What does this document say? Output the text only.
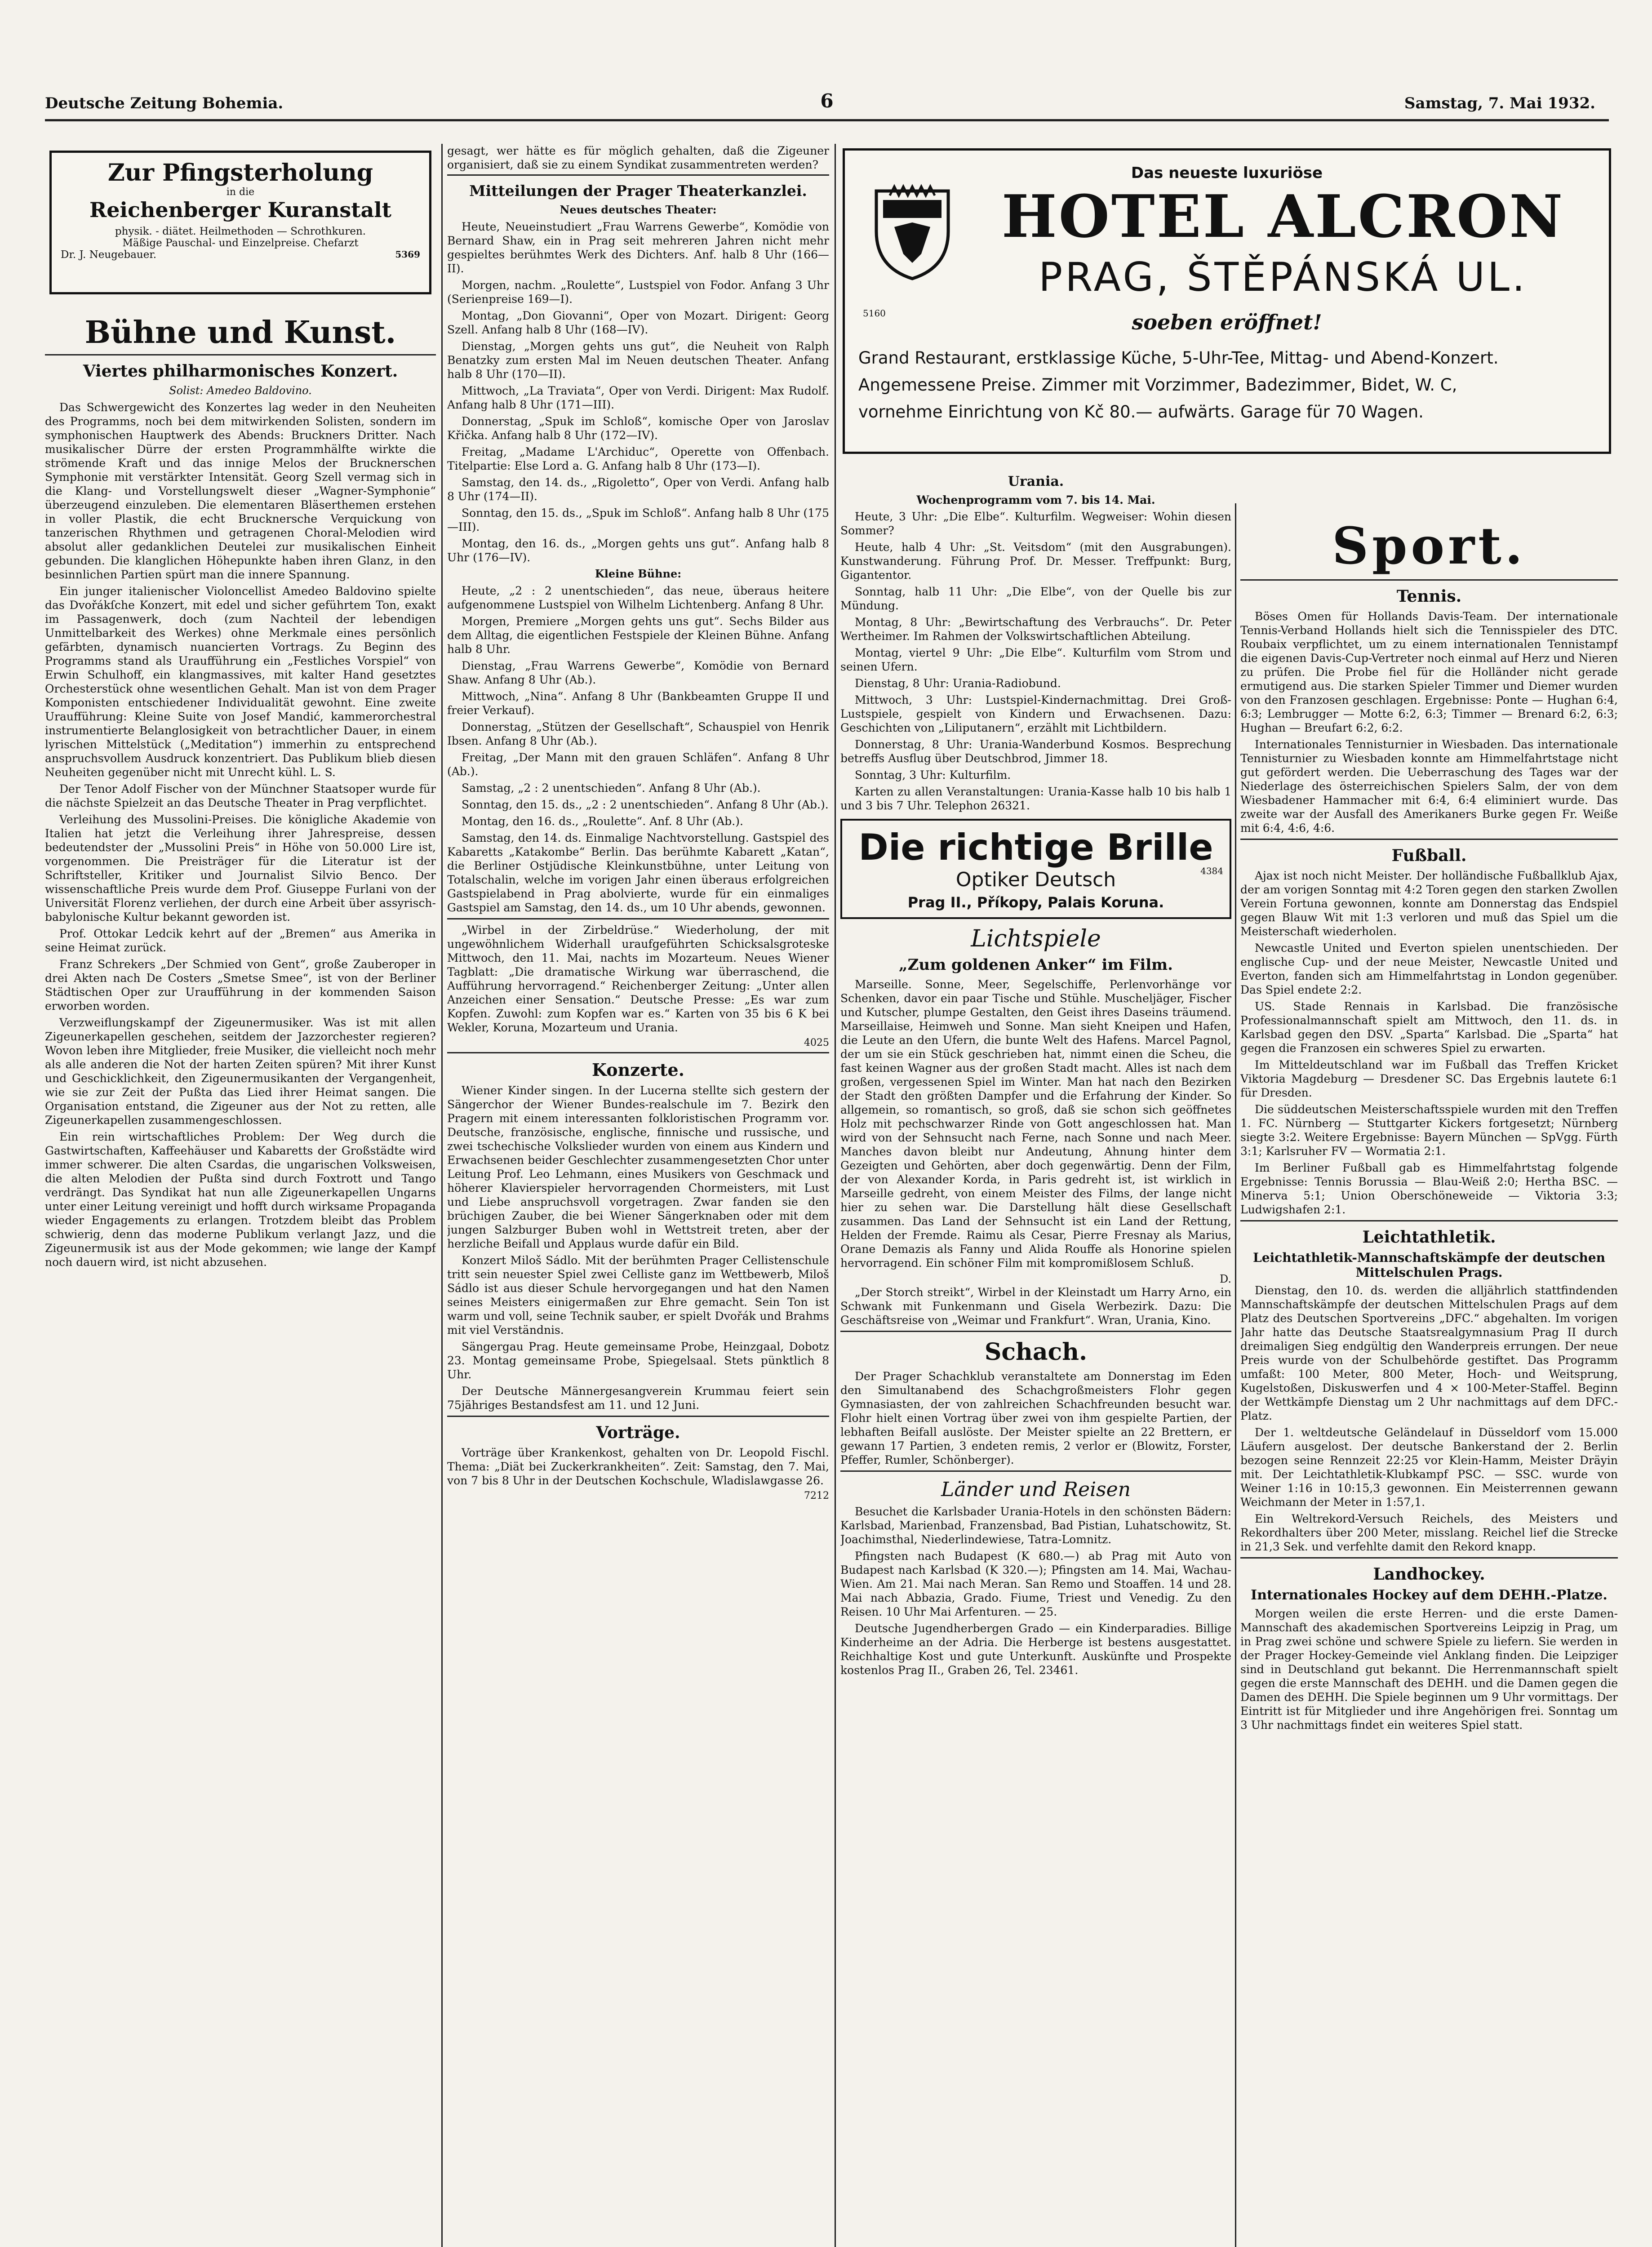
Deutsche Zeitung Bohemia.	6	Samstag, 7. Mai 1932.
Zur Pfingsterholung
in die
Reichenberger Kuranstalt
physik. - diätet. Heilmethoden — Schrothkuren.
Mäßige Pauschal- und Einzelpreise. Chefarzt
Dr. J. Neugebauer.	5369
Bühne und Kunst.
Viertes philharmonisches Konzert.
Solist: Amedeo Baldovino.

Das Schwergewicht des Konzertes lag weder in den Neuheiten des Programms, noch bei dem mitwirkenden Solisten, sondern im symphonischen Hauptwerk des Abends: Bruckners Dritter. Nach musikalischer Dürre der ersten Programmhälfte wirkte die strömende Kraft und das innige Melos der Brucknerschen Symphonie mit verstärkter Intensität. Georg Szell vermag sich in die Klang- und Vorstellungswelt dieser „Wagner-Symphonie“ überzeugend einzuleben. Die elementaren Bläserthemen erstehen in voller Plastik, die echt Brucknersche Verquickung von tanzerischen Rhythmen und getragenen Choral-Melodien wird absolut aller gedanklichen Deutelei zur musikalischen Einheit gebunden. Die klanglichen Höhepunkte haben ihren Glanz, in den besinnlichen Partien spürt man die innere Spannung.

Ein junger italienischer Violoncellist Amedeo Baldovino spielte das Dvořákſche Konzert, mit edel und sicher geführtem Ton, exakt im Passagenwerk, doch (zum Nachteil der lebendigen Unmittelbarkeit des Werkes) ohne Merkmale eines persönlich gefärbten, dynamisch nuancierten Vortrags. Zu Beginn des Programms stand als Uraufführung ein „Festliches Vorspiel“ von Erwin Schulhoff, ein klangmassives, mit kalter Hand gesetztes Orchesterstück ohne wesentlichen Gehalt. Man ist von dem Prager Komponisten entschiedener Individualität gewohnt. Eine zweite Uraufführung: Kleine Suite von Josef Mandić, kammerorchestral instrumentierte Belanglosigkeit von betrachtlicher Dauer, in einem lyrischen Mittelstück („Meditation“) immerhin zu entsprechend anspruchsvollem Ausdruck konzentriert. Das Publikum blieb diesen Neuheiten gegenüber nicht mit Unrecht kühl. L. S.

Der Tenor Adolf Fischer von der Münchner Staatsoper wurde für die nächste Spielzeit an das Deutsche Theater in Prag verpflichtet.

Verleihung des Mussolini-Preises. Die königliche Akademie von Italien hat jetzt die Verleihung ihrer Jahrespreise, dessen bedeutendster der „Mussolini Preis“ in Höhe von 50.000 Lire ist, vorgenommen. Die Preisträger für die Literatur ist der Schriftsteller, Kritiker und Journalist Silvio Benco. Der wissenschaftliche Preis wurde dem Prof. Giuseppe Furlani von der Universität Florenz verliehen, der durch eine Arbeit über assyrisch-babylonische Kultur bekannt geworden ist.

Prof. Ottokar Ledcik kehrt auf der „Bremen“ aus Amerika in seine Heimat zurück.

Franz Schrekers „Der Schmied von Gent“, große Zauberoper in drei Akten nach De Costers „Smetse Smee“, ist von der Berliner Städtischen Oper zur Uraufführung in der kommenden Saison erworben worden.

Verzweiflungskampf der Zigeunermusiker. Was ist mit allen Zigeunerkapellen geschehen, seitdem der Jazzorchester regieren? Wovon leben ihre Mitglieder, freie Musiker, die vielleicht noch mehr als alle anderen die Not der harten Zeiten spüren? Mit ihrer Kunst und Geschicklichkeit, den Zigeunermusikanten der Vergangenheit, wie sie zur Zeit der Pußta das Lied ihrer Heimat sangen. Die Organisation entstand, die Zigeuner aus der Not zu retten, alle Zigeunerkapellen zusammengeschlossen.

Ein rein wirtschaftliches Problem: Der Weg durch die Gastwirtschaften, Kaffeehäuser und Kabaretts der Großstädte wird immer schwerer. Die alten Csardas, die ungarischen Volksweisen, die alten Melodien der Pußta sind durch Foxtrott und Tango verdrängt. Das Syndikat hat nun alle Zigeunerkapellen Ungarns unter einer Leitung vereinigt und hofft durch wirksame Propaganda wieder Engagements zu erlangen. Trotzdem bleibt das Problem schwierig, denn das moderne Publikum verlangt Jazz, und die Zigeunermusik ist aus der Mode gekommen; wie lange der Kampf noch dauern wird, ist nicht abzusehen.

gesagt, wer hätte es für möglich gehalten, daß die Zigeuner organisiert, daß sie zu einem Syndikat zusammentreten werden?

Mitteilungen der Prager Theaterkanzlei.
Neues deutsches Theater:

Heute, Neueinstudiert „Frau Warrens Gewerbe“, Komödie von Bernard Shaw, ein in Prag seit mehreren Jahren nicht mehr gespieltes berühmtes Werk des Dichters. Anf. halb 8 Uhr (166—II).

Morgen, nachm. „Roulette“, Lustspiel von Fodor. Anfang 3 Uhr (Serienpreise 169—I).

Montag, „Don Giovanni“, Oper von Mozart. Dirigent: Georg Szell. Anfang halb 8 Uhr (168—IV).

Dienstag, „Morgen gehts uns gut“, die Neuheit von Ralph Benatzky zum ersten Mal im Neuen deutschen Theater. Anfang halb 8 Uhr (170—II).

Mittwoch, „La Traviata“, Oper von Verdi. Dirigent: Max Rudolf. Anfang halb 8 Uhr (171—III).

Donnerstag, „Spuk im Schloß“, komische Oper von Jaroslav Křička. Anfang halb 8 Uhr (172—IV).

Freitag, „Madame L'Archiduc“, Operette von Offenbach. Titelpartie: Else Lord a. G. Anfang halb 8 Uhr (173—I).

Samstag, den 14. ds., „Rigoletto“, Oper von Verdi. Anfang halb 8 Uhr (174—II).

Sonntag, den 15. ds., „Spuk im Schloß“. Anfang halb 8 Uhr (175—III).

Montag, den 16. ds., „Morgen gehts uns gut“. Anfang halb 8 Uhr (176—IV).

Kleine Bühne:

Heute, „2 : 2 unentschieden“, das neue, überaus heitere aufgenommene Lustspiel von Wilhelm Lichtenberg. Anfang 8 Uhr.

Morgen, Premiere „Morgen gehts uns gut“. Sechs Bilder aus dem Alltag, die eigentlichen Festspiele der Kleinen Bühne. Anfang halb 8 Uhr.

Dienstag, „Frau Warrens Gewerbe“, Komödie von Bernard Shaw. Anfang 8 Uhr (Ab.).

Mittwoch, „Nina“. Anfang 8 Uhr (Bankbeamten Gruppe II und freier Verkauf).

Donnerstag, „Stützen der Gesellschaft“, Schauspiel von Henrik Ibsen. Anfang 8 Uhr (Ab.).

Freitag, „Der Mann mit den grauen Schläfen“. Anfang 8 Uhr (Ab.).

Samstag, „2 : 2 unentschieden“. Anfang 8 Uhr (Ab.).

Sonntag, den 15. ds., „2 : 2 unentschieden“. Anfang 8 Uhr (Ab.).

Montag, den 16. ds., „Roulette“. Anf. 8 Uhr (Ab.).

Samstag, den 14. ds. Einmalige Nachtvorstellung. Gastspiel des Kabaretts „Katakombe“ Berlin. Das berühmte Kabarett „Katan“, die Berliner Ostjüdische Kleinkunstbühne, unter Leitung von Totalschalin, welche im vorigen Jahr einen überaus erfolgreichen Gastspielabend in Prag abolvierte, wurde für ein einmaliges Gastspiel am Samstag, den 14. ds., um 10 Uhr abends, gewonnen.

„Wirbel in der Zirbeldrüse.“ Wiederholung, der mit ungewöhnlichem Widerhall uraufgeführten Schicksalsgroteske Mittwoch, den 11. Mai, nachts im Mozarteum. Neues Wiener Tagblatt: „Die dramatische Wirkung war überraschend, die Aufführung hervorragend.“ Reichenberger Zeitung: „Unter allen Anzeichen einer Sensation.“ Deutsche Presse: „Es war zum Kopfen. Zuwohl: zum Kopfen war es.“ Karten von 35 bis 6 K bei Wekler, Koruna, Mozarteum und Urania.

4025
Konzerte.

Wiener Kinder singen. In der Lucerna stellte sich gestern der Sängerchor der Wiener Bundes-realschule im 7. Bezirk den Pragern mit einem interessanten folkloristischen Programm vor. Deutsche, französische, englische, finnische und russische, und zwei tschechische Volkslieder wurden von einem aus Kindern und Erwachsenen beider Geschlechter zusammengesetzten Chor unter Leitung Prof. Leo Lehmann, eines Musikers von Geschmack und höherer Klavierspieler hervorragenden Chormeisters, mit Lust und Liebe anspruchsvoll vorgetragen. Zwar fanden sie den brüchigen Zauber, die bei Wiener Sängerknaben oder mit dem jungen Salzburger Buben wohl in Wettstreit treten, aber der herzliche Beifall und Applaus wurde dafür ein Bild.

Konzert Miloš Sádlo. Mit der berühmten Prager Cellistenschule tritt sein neuester Spiel zwei Celliste ganz im Wettbewerb, Miloš Sádlo ist aus dieser Schule hervorgegangen und hat den Namen seines Meisters einigermaßen zur Ehre gemacht. Sein Ton ist warm und voll, seine Technik sauber, er spielt Dvořák und Brahms mit viel Verständnis.

Sängergau Prag. Heute gemeinsame Probe, Heinzgaal, Dobotz 23. Montag gemeinsame Probe, Spiegelsaal. Stets pünktlich 8 Uhr.

Der Deutsche Männergesangverein Krummau feiert sein 75jähriges Bestandsfest am 11. und 12 Juni.

Vorträge.

Vorträge über Krankenkost, gehalten von Dr. Leopold Fischl. Thema: „Diät bei Zuckerkrankheiten“. Zeit: Samstag, den 7. Mai, von 7 bis 8 Uhr in der Deutschen Kochschule, Wladislawgasse 26.

7212
Das neueste luxuriöse
HOTEL ALCRON
PRAG, ŠTĚPÁNSKÁ UL.
5160	soeben eröffnet!
Grand Restaurant, erstklassige Küche, 5-Uhr-Tee, Mittag- und Abend-Konzert.
Angemessene Preise. Zimmer mit Vorzimmer, Badezimmer, Bidet, W. C,
vornehme Einrichtung von Kč 80.— aufwärts. Garage für 70 Wagen.
Urania.

Wochenprogramm vom 7. bis 14. Mai.

Heute, 3 Uhr: „Die Elbe“. Kulturfilm. Wegweiser: Wohin diesen Sommer?

Heute, halb 4 Uhr: „St. Veitsdom“ (mit den Ausgrabungen). Kunstwanderung. Führung Prof. Dr. Messer. Treffpunkt: Burg, Gigantentor.

Sonntag, halb 11 Uhr: „Die Elbe“, von der Quelle bis zur Mündung.

Montag, 8 Uhr: „Bewirtschaftung des Verbrauchs“. Dr. Peter Wertheimer. Im Rahmen der Volkswirtschaftlichen Abteilung.

Montag, viertel 9 Uhr: „Die Elbe“. Kulturfilm vom Strom und seinen Ufern.

Dienstag, 8 Uhr: Urania-Radiobund.

Mittwoch, 3 Uhr: Lustspiel-Kindernachmittag. Drei Groß-Lustspiele, gespielt von Kindern und Erwachsenen. Dazu: Geschichten von „Liliputanern“, erzählt mit Lichtbildern.

Donnerstag, 8 Uhr: Urania-Wanderbund Kosmos. Besprechung betreffs Ausflug über Deutschbrod, Jimmer 18.

Sonntag, 3 Uhr: Kulturfilm.

Karten zu allen Veranstaltungen: Urania-Kasse halb 10 bis halb 1 und 3 bis 7 Uhr. Telephon 26321.

Die richtige Brille
Optiker Deutsch
Prag II., Příkopy, Palais Koruna.
4384
Lichtspiele
„Zum goldenen Anker“ im Film.

Marseille. Sonne, Meer, Segelschiffe, Perlenvorhänge vor Schenken, davor ein paar Tische und Stühle. Muscheljäger, Fischer und Kutscher, plumpe Gestalten, den Geist ihres Daseins träumend. Marseillaise, Heimweh und Sonne. Man sieht Kneipen und Hafen, die Leute an den Ufern, die bunte Welt des Hafens. Marcel Pagnol, der um sie ein Stück geschrieben hat, nimmt einen die Scheu, die fast keinen Wagner aus der großen Stadt macht. Alles ist nach dem großen, vergessenen Spiel im Winter. Man hat nach den Bezirken der Stadt den größten Dampfer und die Erfahrung der Kinder. So allgemein, so romantisch, so groß, daß sie schon sich geöffnetes Holz mit pechschwarzer Rinde von Gott angeschlossen hat. Man wird von der Sehnsucht nach Ferne, nach Sonne und nach Meer. Manches davon bleibt nur Andeutung, Ahnung hinter dem Gezeigten und Gehörten, aber doch gegenwärtig. Denn der Film, der von Alexander Korda, in Paris gedreht ist, ist wirklich in Marseille gedreht, von einem Meister des Films, der lange nicht hier zu sehen war. Die Darstellung hält diese Gesellschaft zusammen. Das Land der Sehnsucht ist ein Land der Rettung, Helden der Fremde. Raimu als Cesar, Pierre Fresnay als Marius, Orane Demazis als Fanny und Alida Rouffe als Honorine spielen hervorragend. Ein schöner Film mit kompromißlosem Schluß.

D.

„Der Storch streikt“, Wirbel in der Kleinstadt um Harry Arno, ein Schwank mit Funkenmann und Gisela Werbezirk. Dazu: Die Geschäftsreise von „Weimar und Frankfurt“. Wran, Urania, Kino.

Schach.

Der Prager Schachklub veranstaltete am Donnerstag im Eden den Simultanabend des Schachgroßmeisters Flohr gegen Gymnasiasten, der von zahlreichen Schachfreunden besucht war. Flohr hielt einen Vortrag über zwei von ihm gespielte Partien, der lebhaften Beifall auslöste. Der Meister spielte an 22 Brettern, er gewann 17 Partien, 3 endeten remis, 2 verlor er (Blowitz, Forster, Pfeffer, Rumler, Schönberger).

Länder und Reisen

Besuchet die Karlsbader Urania-Hotels in den schönsten Bädern: Karlsbad, Marienbad, Franzensbad, Bad Pistian, Luhatschowitz, St. Joachimsthal, Niederlindewiese, Tatra-Lomnitz.

Pfingsten nach Budapest (K 680.—) ab Prag mit Auto von Budapest nach Karlsbad (K 320.—); Pfingsten am 14. Mai, Wachau-Wien. Am 21. Mai nach Meran. San Remo und Stoaffen. 14 und 28. Mai nach Abbazia, Grado. Fiume, Triest und Venedig. Zu den Reisen. 10 Uhr Mai Arfenturen. — 25.

Deutsche Jugendherbergen Grado — ein Kinderparadies. Billige Kinderheime an der Adria. Die Herberge ist bestens ausgestattet. Reichhaltige Kost und gute Unterkunft. Auskünfte und Prospekte kostenlos Prag II., Graben 26, Tel. 23461.

Sport.
Tennis.

Böses Omen für Hollands Davis-Team. Der internationale Tennis-Verband Hollands hielt sich die Tennisspieler des DTC. Roubaix verpflichtet, um zu einem internationalen Tennistampf die eigenen Davis-Cup-Vertreter noch einmal auf Herz und Nieren zu prüfen. Die Probe fiel für die Holländer nicht gerade ermutigend aus. Die starken Spieler Timmer und Diemer wurden von den Franzosen geschlagen. Ergebnisse: Ponte — Hughan 6:4, 6:3; Lembrugger — Motte 6:2, 6:3; Timmer — Brenard 6:2, 6:3; Hughan — Breufart 6:2, 6:2.

Internationales Tennisturnier in Wiesbaden. Das internationale Tennisturnier zu Wiesbaden konnte am Himmelfahrtstage nicht gut gefördert werden. Die Ueberraschung des Tages war der Niederlage des österreichischen Spielers Salm, der von dem Wiesbadener Hammacher mit 6:4, 6:4 eliminiert wurde. Das zweite war der Ausfall des Amerikaners Burke gegen Fr. Weiße mit 6:4, 4:6, 4:6.

Fußball.

Ajax ist noch nicht Meister. Der holländische Fußballklub Ajax, der am vorigen Sonntag mit 4:2 Toren gegen den starken Zwollen Verein Fortuna gewonnen, konnte am Donnerstag das Endspiel gegen Blauw Wit mit 1:3 verloren und muß das Spiel um die Meisterschaft wiederholen.

Newcastle United und Everton spielen unentschieden. Der englische Cup- und der neue Meister, Newcastle United und Everton, fanden sich am Himmelfahrtstag in London gegenüber. Das Spiel endete 2:2.

US. Stade Rennais in Karlsbad. Die französische Professionalmannschaft spielt am Mittwoch, den 11. ds. in Karlsbad gegen den DSV. „Sparta“ Karlsbad. Die „Sparta“ hat gegen die Franzosen ein schweres Spiel zu erwarten.

Im Mitteldeutschland war im Fußball das Treffen Kricket Viktoria Magdeburg — Dresdener SC. Das Ergebnis lautete 6:1 für Dresden.

Die süddeutschen Meisterschaftsspiele wurden mit den Treffen 1. FC. Nürnberg — Stuttgarter Kickers fortgesetzt; Nürnberg siegte 3:2. Weitere Ergebnisse: Bayern München — SpVgg. Fürth 3:1; Karlsruher FV — Wormatia 2:1.

Im Berliner Fußball gab es Himmelfahrtstag folgende Ergebnisse: Tennis Borussia — Blau-Weiß 2:0; Hertha BSC. — Minerva 5:1; Union Oberschöneweide — Viktoria 3:3; Ludwigshafen 2:1.

Leichtathletik.
Leichtathletik-Mannschaftskämpfe der deutschen Mittelschulen Prags.

Dienstag, den 10. ds. werden die alljährlich stattfindenden Mannschaftskämpfe der deutschen Mittelschulen Prags auf dem Platz des Deutschen Sportvereins „DFC.“ abgehalten. Im vorigen Jahr hatte das Deutsche Staatsrealgymnasium Prag II durch dreimaligen Sieg endgültig den Wanderpreis errungen. Der neue Preis wurde von der Schulbehörde gestiftet. Das Programm umfaßt: 100 Meter, 800 Meter, Hoch- und Weitsprung, Kugelstoßen, Diskuswerfen und 4 × 100-Meter-Staffel. Beginn der Wettkämpfe Dienstag um 2 Uhr nachmittags auf dem DFC.-Platz.

Der 1. weltdeutsche Geländelauf in Düsseldorf vom 15.000 Läufern ausgelost. Der deutsche Bankerstand der 2. Berlin bezogen seine Rennzeit 22:25 vor Klein-Hamm, Meister Dräyin mit. Der Leichtathletik-Klubkampf PSC. — SSC. wurde von Weiner 1:16 in 10:15,3 gewonnen. Ein Meisterrennen gewann Weichmann der Meter in 1:57,1.

Ein Weltrekord-Versuch Reichels, des Meisters und Rekordhalters über 200 Meter, misslang. Reichel lief die Strecke in 21,3 Sek. und verfehlte damit den Rekord knapp.

Landhockey.
Internationales Hockey auf dem DEHH.-Platze.

Morgen weilen die erste Herren- und die erste Damen-Mannschaft des akademischen Sportvereins Leipzig in Prag, um in Prag zwei schöne und schwere Spiele zu liefern. Sie werden in der Prager Hockey-Gemeinde viel Anklang finden. Die Leipziger sind in Deutschland gut bekannt. Die Herrenmannschaft spielt gegen die erste Mannschaft des DEHH. und die Damen gegen die Damen des DEHH. Die Spiele beginnen um 9 Uhr vormittags. Der Eintritt ist für Mitglieder und ihre Angehörigen frei. Sonntag um 3 Uhr nachmittags findet ein weiteres Spiel statt.
